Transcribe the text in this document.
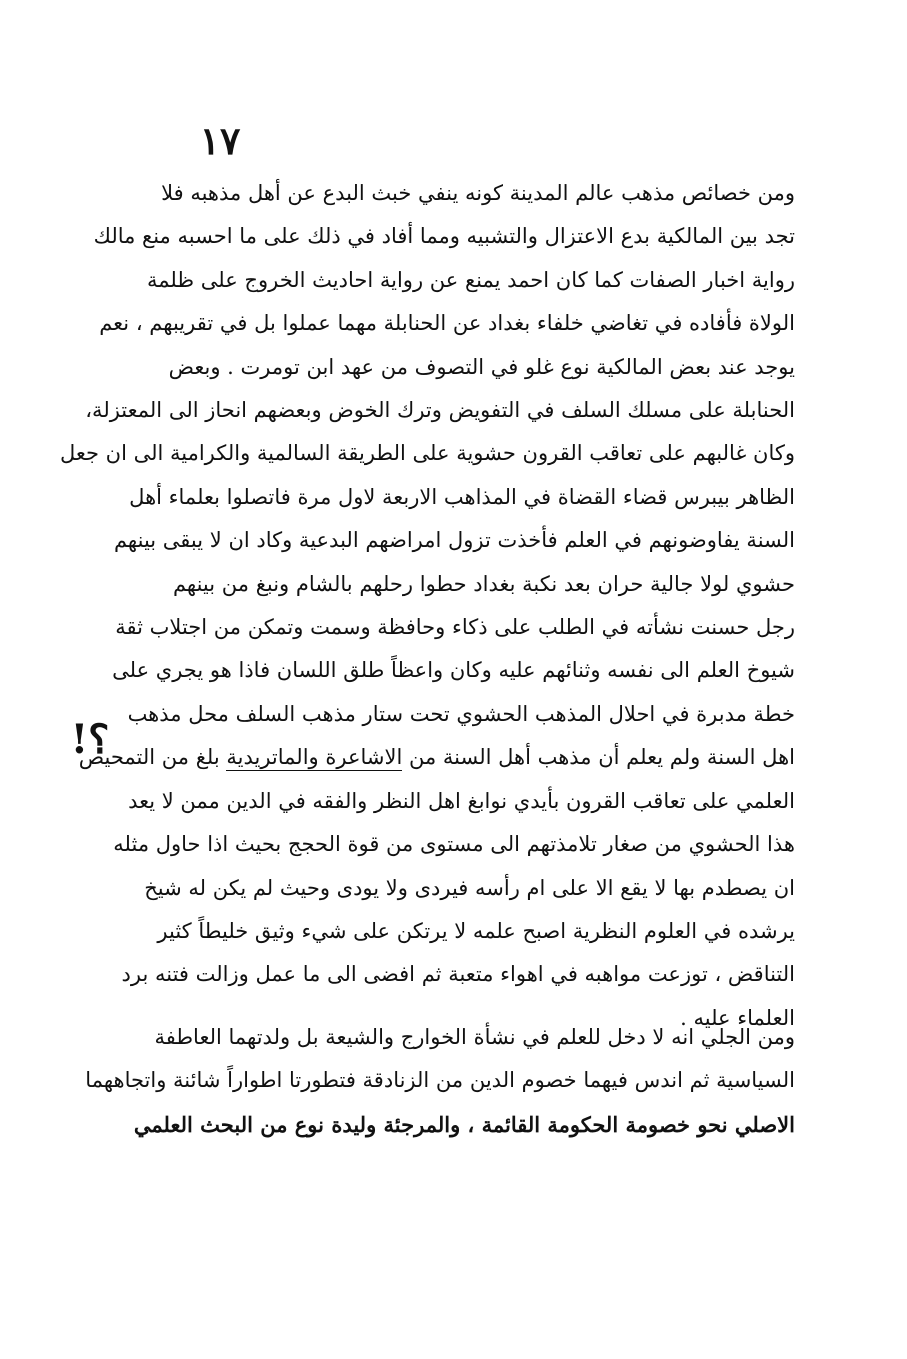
١٧
؟!
ومن خصائص مذهب عالم المدينة كونه ينفي خبث البدع عن أهل مذهبه فلا
تجد بين المالكية بدع الاعتزال والتشبيه ومما أفاد في ذلك على ما احسبه منع مالك
رواية اخبار الصفات كما كان احمد يمنع عن رواية احاديث الخروج على ظلمة
الولاة فأفاده في تغاضي خلفاء بغداد عن الحنابلة مهما عملوا بل في تقريبهم ، نعم
يوجد عند بعض المالكية نوع غلو في التصوف من عهد ابن تومرت . وبعض
الحنابلة على مسلك السلف في التفويض وترك الخوض وبعضهم انحاز الى المعتزلة،
وكان غالبهم على تعاقب القرون حشوية على الطريقة السالمية والكرامية الى ان جعل
الظاهر بيبرس قضاء القضاة في المذاهب الاربعة لاول مرة فاتصلوا بعلماء أهل
السنة يفاوضونهم في العلم فأخذت تزول امراضهم البدعية وكاد ان لا يبقى بينهم
حشوي لولا جالية حران بعد نكبة بغداد حطوا رحلهم بالشام ونبغ من بينهم
رجل حسنت نشأته في الطلب على ذكاء وحافظة وسمت وتمكن من اجتلاب ثقة
شيوخ العلم الى نفسه وثنائهم عليه وكان واعظاً طلق اللسان فاذا هو يجري على
خطة مدبرة في احلال المذهب الحشوي تحت ستار مذهب السلف محل مذهب
اهل السنة ولم يعلم أن مذهب أهل السنة من الاشاعرة والماتريدية بلغ من التمحيص
العلمي على تعاقب القرون بأيدي نوابغ اهل النظر والفقه في الدين ممن لا يعد
هذا الحشوي من صغار تلامذتهم الى مستوى من قوة الحجج بحيث اذا حاول مثله
ان يصطدم بها لا يقع الا على ام رأسه فيردى ولا يودى وحيث لم يكن له شيخ
يرشده في العلوم النظرية اصبح علمه لا يرتكن على شيء وثيق خليطاً كثير
التناقض ، توزعت مواهبه في اهواء متعبة ثم افضى الى ما عمل وزالت فتنه برد
العلماء عليه .
ومن الجلي انه لا دخل للعلم في نشأة الخوارج والشيعة بل ولدتهما العاطفة
السياسية ثم اندس فيهما خصوم الدين من الزنادقة فتطورتا اطواراً شائنة واتجاههما
الاصلي نحو خصومة الحكومة القائمة ، والمرجئة وليدة نوع من البحث العلمي
